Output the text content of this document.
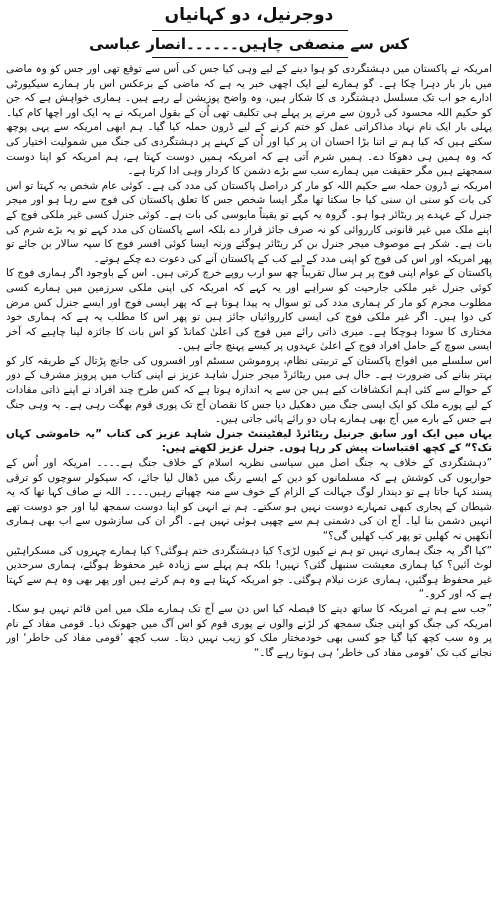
دوجرنیل، دو کہانیاں
کس سے منصفی چاہیں۔۔۔۔۔۔انصار عباسی

امریکہ نے پاکستان میں دہشتگردی کو ہوا دینے کے لیے وہی کیا جس کی اُس سے توقع تھی اور جس کو وہ ماضی میں بار بار دہرا چکا ہے۔ گو ہمارے لیے ایک اچھی خبر یہ ہے کہ ماضی کے برعکس اس بار ہمارے سیکیورٹی ادارے جو اب تک مسلسل دہشتگرد ی کا شکار ہیں، وہ واضح پوزیشن لے رہے ہیں۔ ہماری خواہش ہے کہ جن کو حکیم اللہ محسود کی ڈرون سے مرنے پر پہلے ہی تکلیف تھی اُن کے بقول امریکہ نے یہ ایک اور اچھا کام کیا۔ پہلی بار ایک نام نہاد مذاکراتی عمل کو ختم کرنے کے لیے ڈرون حملہ کیا گیا۔ ہم ابھی امریکہ سے یہی پوچھ سکتے ہیں کہ کیا ہم نے اتنا بڑا احسان ان پر کیا اور اُن کے کہنے پر دہشتگردی کی جنگ میں شمولیت اختیار کی کہ وہ ہمیں ہی دھوکا دے۔ ہمیں شرم آتی ہے کہ امریکہ ہمیں دوست کہتا ہے، ہم امریکہ کو اپنا دوست سمجھتے ہیں مگر حقیقت میں ہمارے سب سے بڑے دشمن کا کردار وہی ادا کرتا ہے۔

امریکہ نے ڈرون حملہ سے حکیم اللہ کو مار کر دراصل پاکستان کی مدد کی ہے۔ کوئی عام شخص یہ کہتا تو اس کی بات کو سنی ان سنی کیا جا سکتا تھا مگر ایسا شخص جس کا تعلق پاکستان کی فوج سے رہا ہو اور میجر جنرل کے عہدے پر ریٹائر ہوا ہو۔ گروہ یہ کہے تو یقیناً مایوسی کی بات ہے۔ کوئی جنرل کسی غیر ملکی فوج کے اپنے ملک میں غیر قانونی کارروائی کو نہ صرف جائز قرار دے بلکہ اسے پاکستان کی مدد کہے تو یہ بڑے شرم کی بات ہے۔ شکر ہے موصوف میجر جنرل بن کر ریٹائر ہوگئے ورنہ ایسا کوئی افسر فوج کا سپہ سالار بن جائے تو پھر امریکہ اور اس کی فوج کو اپنی مدد کے لیے کب کے پاکستان آنے کی دعوت دے چکے ہوتے۔

پاکستان کے عوام اپنی فوج پر ہر سال تقریباً چھ سو ارب روپے خرچ کرتی ہیں۔ اس کے باوجود اگر ہماری فوج کا کوئی جنرل غیر ملکی جارحیت کو سراہے اور یہ کہے کہ امریکہ کی اپنی ملکی سرزمین میں ہمارے کسی مطلوب مجرم کو مار کر ہماری مدد کی تو سوال یہ پیدا ہوتا ہے کہ پھر ایسی فوج اور ایسے جنرل کس مرض کی دوا ہیں۔ اگر غیر ملکی فوج کی ایسی کارروائیاں جائز ہیں تو پھر اس کا مطلب یہ ہے کہ ہماری خود مختاری کا سودا ہوچکا ہے۔ میری ذاتی رائے میں فوج کی اعلیٰ کمانڈ کو اس بات کا جائزہ لینا چاہیے کہ آخر ایسی سوچ کے حامل افراد فوج کے اعلیٰ عہدوں پر کیسے پہنچ جاتے ہیں۔

اس سلسلے میں افواج پاکستان کے تربیتی نظام، پروموشن سسٹم اور افسروں کی جانچ پڑتال کے طریقہ کار کو بہتر بنانے کی ضرورت ہے۔ حال ہی میں ریٹائرڈ میجر جنرل شاہد عزیز نے اپنی کتاب میں پرویز مشرف کے دور کے حوالے سے کئی اہم انکشافات کیے ہیں جن سے یہ اندازہ ہوتا ہے کہ کس طرح چند افراد نے اپنے ذاتی مفادات کے لیے پورے ملک کو ایک ایسی جنگ میں دھکیل دیا جس کا نقصان آج تک پوری قوم بھگت رہی ہے۔ یہ وہی جنگ ہے جس کے بارے میں آج بھی ہمارے ہاں دو رائے پائی جاتی ہیں۔

یہاں میں ایک اور سابق جرنیل ریٹائرڈ لیفٹیننٹ جنرل شاہد عزیز کی کتاب ”یہ خاموشی کہاں تک؟“ کے کچھ اقتباسات پیش کر رہا ہوں۔ جنرل عزیز لکھتے ہیں:

”دہشتگردی کے خلاف یہ جنگ اصل میں سیاسی نظریہ اسلام کے خلاف جنگ ہے۔۔۔۔ امریکہ اور اُس کے حواریوں کی کوشش ہے کہ مسلمانوں کو دین کے ایسے رنگ میں ڈھال لیا جائے، کہ سیکولر سوچوں کو ترقی پسند کہا جاتا ہے تو دیندار لوگ جہالت کے الزام کے خوف سے منہ چھپاتے رہیں۔۔۔۔ اللہ نے صاف کہا تھا کہ یہ شیطان کے پجاری کبھی تمہارے دوست نہیں ہو سکتے۔ ہم نے انہی کو اپنا دوست سمجھ لیا اور جو دوست تھے انہیں دشمن بنا لیا۔ آج ان کی دشمنی ہم سے چھپی ہوئی نہیں ہے۔ اگر ان کی سازشوں سے اب بھی ہماری آنکھیں نہ کھلیں تو پھر کب کھلیں گی؟“

”کیا اگر یہ جنگ ہماری نہیں تو ہم نے کیوں لڑی؟ کیا دہشتگردی ختم ہوگئی؟ کیا ہمارے چہروں کی مسکراہٹیں لوٹ آئیں؟ کیا ہماری معیشت سنبھل گئی؟ نہیں! بلکہ ہم پہلے سے زیادہ غیر محفوظ ہوگئے، ہماری سرحدیں غیر محفوظ ہوگئیں، ہماری عزت نیلام ہوگئی۔ جو امریکہ کہتا ہے وہ ہم کرتے ہیں اور پھر بھی وہ ہم سے کہتا ہے کہ اور کرو۔“

”جب سے ہم نے امریکہ کا ساتھ دینے کا فیصلہ کیا اس دن سے آج تک ہمارے ملک میں امن قائم نہیں ہو سکا۔ امریکہ کی جنگ کو اپنی جنگ سمجھ کر لڑنے والوں نے پوری قوم کو اس آگ میں جھونک دیا۔ قومی مفاد کے نام پر وہ سب کچھ کیا گیا جو کسی بھی خودمختار ملک کو زیب نہیں دیتا۔ سب کچھ ’قومی مفاد کی خاطر‘ اور نجانے کب تک ’قومی مفاد کی خاطر‘ ہی ہوتا رہے گا۔“
